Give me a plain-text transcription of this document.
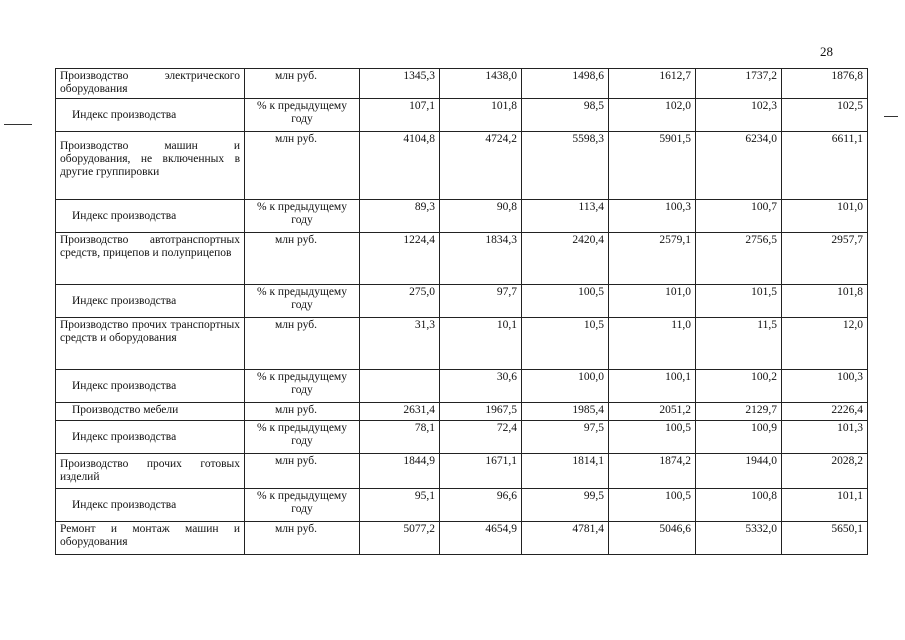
28
Производство электрического оборудования	млн руб.	1345,3	1438,0	1498,6	1612,7	1737,2	1876,8
Индекс производства	% к предыдущему году	107,1	101,8	98,5	102,0	102,3	102,5
Производство машин и оборудования, не включенных в другие группировки	млн руб.	4104,8	4724,2	5598,3	5901,5	6234,0	6611,1
Индекс производства	% к предыдущему году	89,3	90,8	113,4	100,3	100,7	101,0
Производство автотранспортных средств, прицепов и полуприцепов	млн руб.	1224,4	1834,3	2420,4	2579,1	2756,5	2957,7
Индекс производства	% к предыдущему году	275,0	97,7	100,5	101,0	101,5	101,8
Производство прочих транспортных средств и оборудования	млн руб.	31,3	10,1	10,5	11,0	11,5	12,0
Индекс производства	% к предыдущему году		30,6	100,0	100,1	100,2	100,3
Производство мебели	млн руб.	2631,4	1967,5	1985,4	2051,2	2129,7	2226,4
Индекс производства	% к предыдущему году	78,1	72,4	97,5	100,5	100,9	101,3
Производство прочих готовых изделий	млн руб.	1844,9	1671,1	1814,1	1874,2	1944,0	2028,2
Индекс производства	% к предыдущему году	95,1	96,6	99,5	100,5	100,8	101,1
Ремонт и монтаж машин и оборудования	млн руб.	5077,2	4654,9	4781,4	5046,6	5332,0	5650,1
